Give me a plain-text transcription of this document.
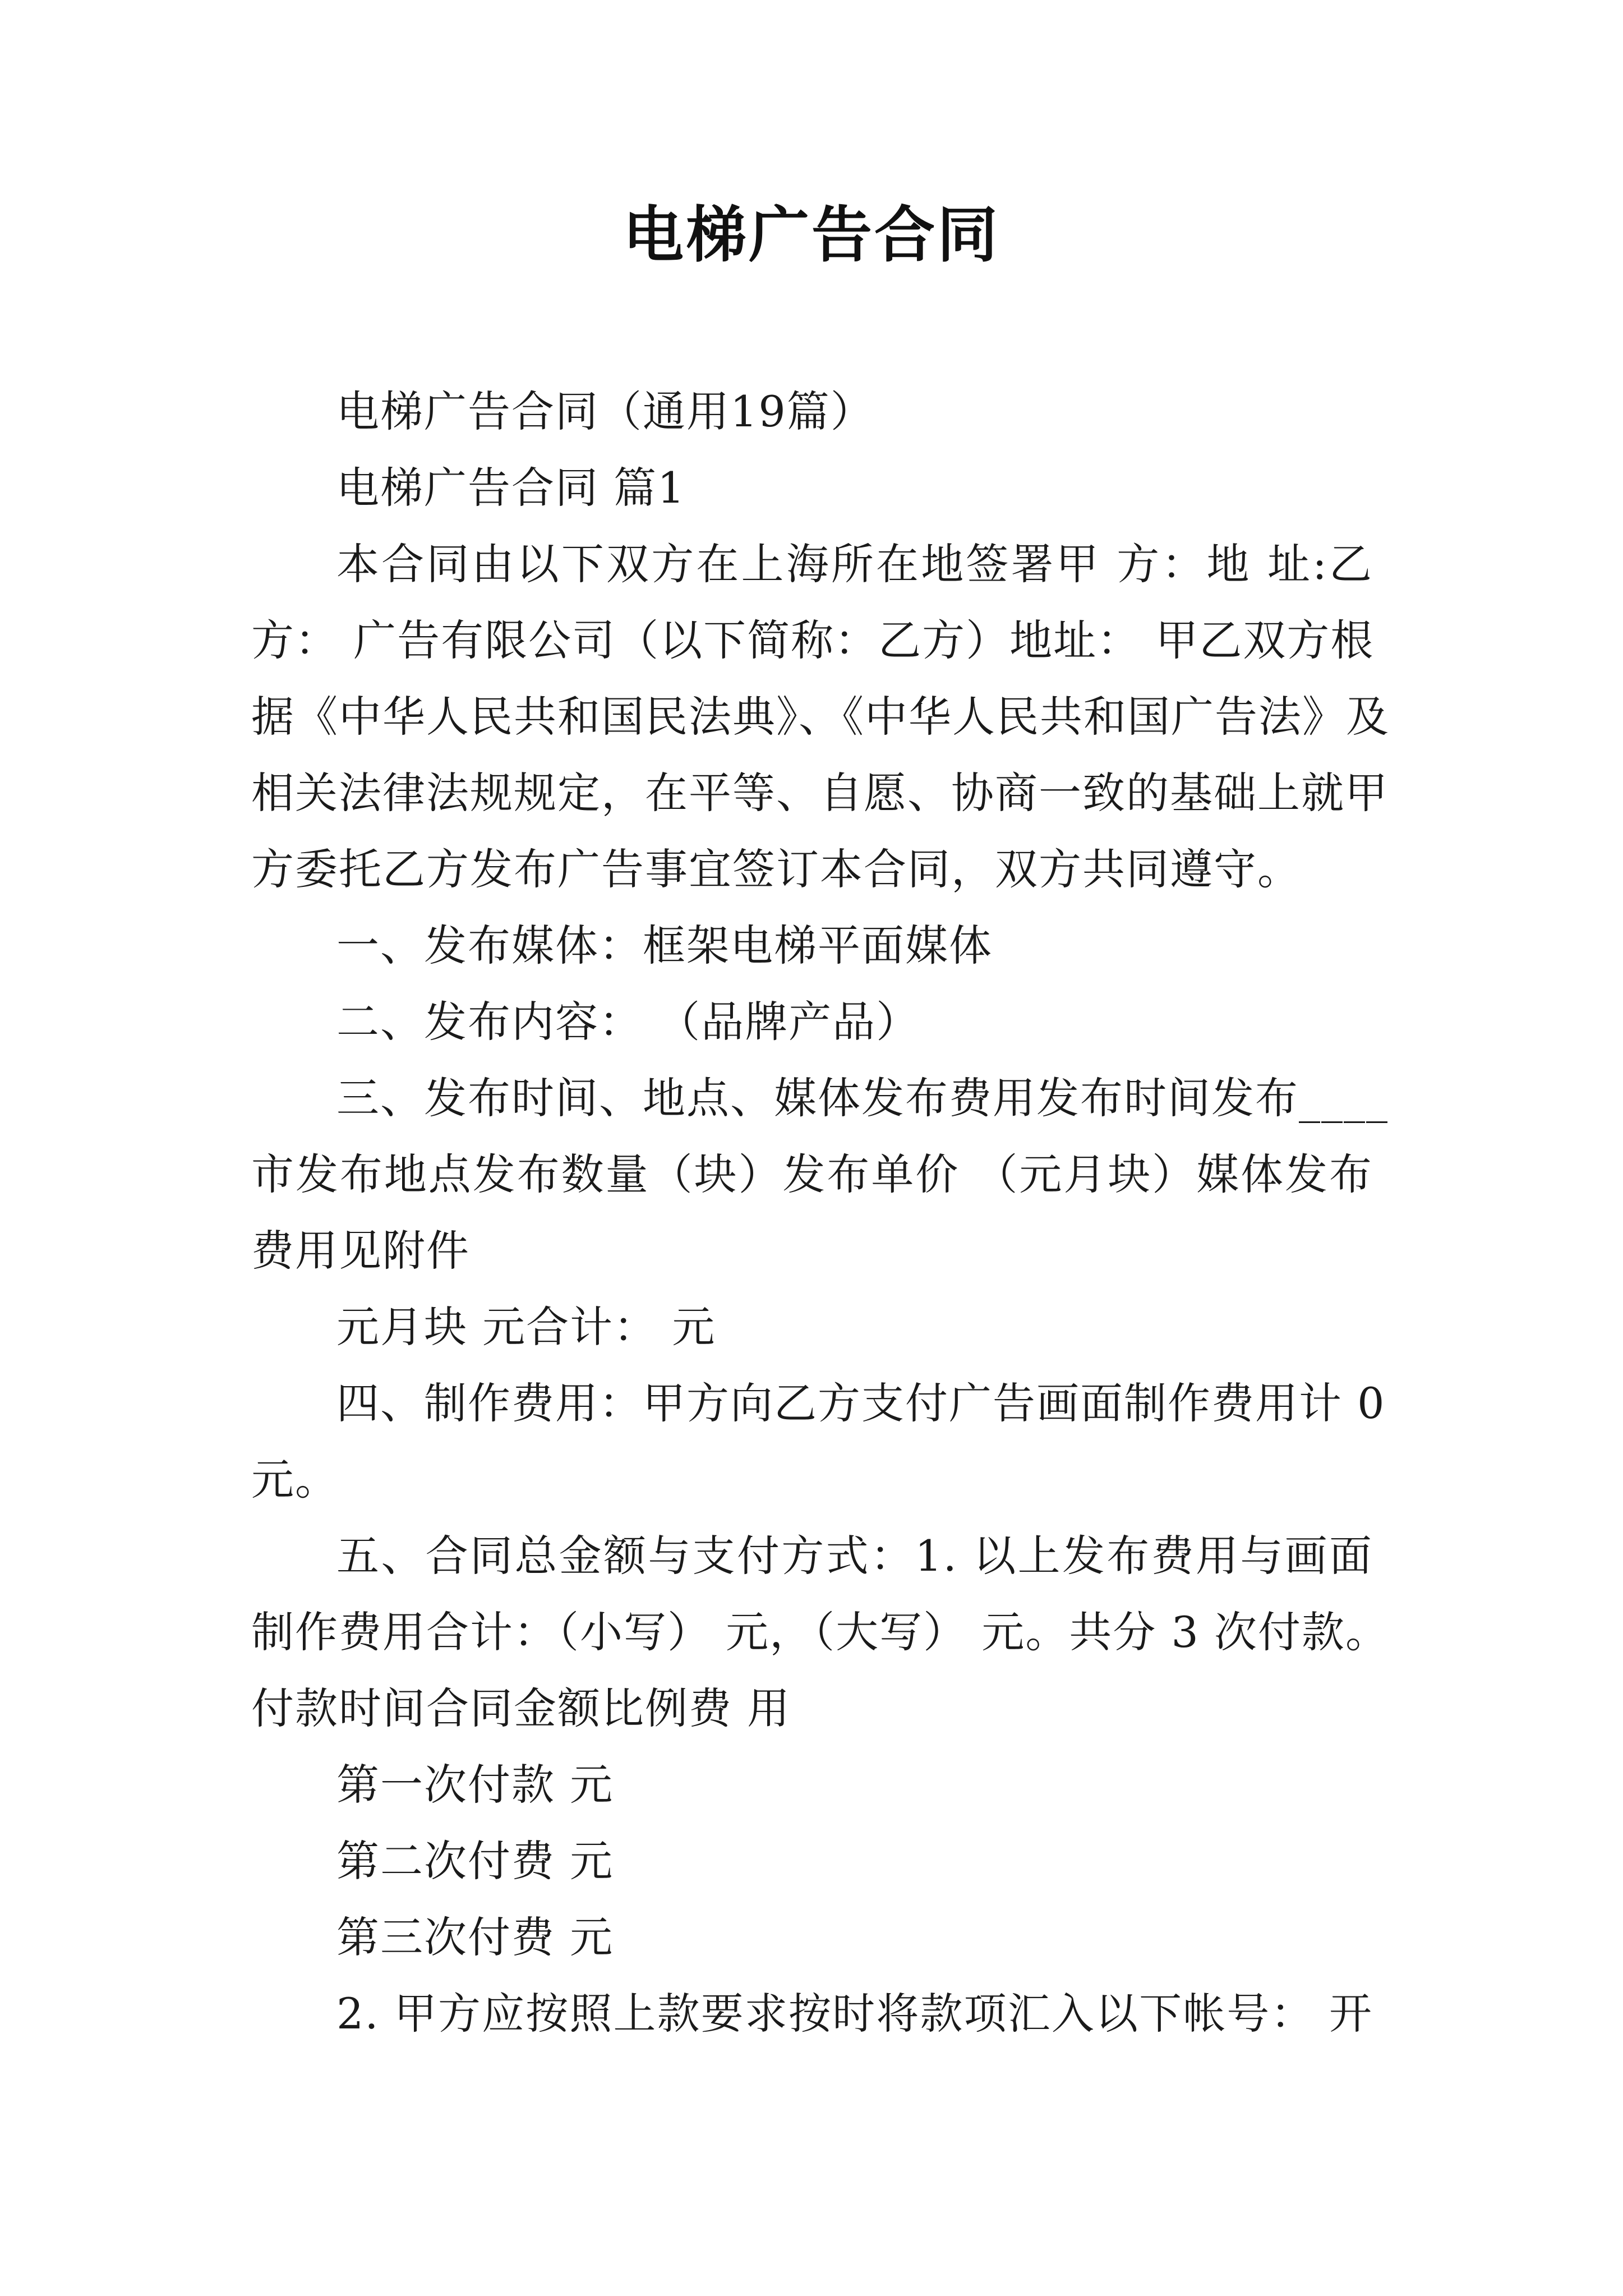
电梯广告合同
电梯广告合同（通用19篇）
电梯广告合同 篇1
本合同由以下双方在上海所在地签署甲 方：地 址:乙
方： 广告有限公司（以下简称：乙方）地址： 甲乙双方根
据《中华人民共和国民法典》、《中华人民共和国广告法》及
相关法律法规规定，在平等、自愿、协商一致的基础上就甲
方委托乙方发布广告事宜签订本合同，双方共同遵守。
一、发布媒体：框架电梯平面媒体
二、发布内容： （品牌产品）
三、发布时间、地点、媒体发布费用发布时间发布____
市发布地点发布数量（块）发布单价 （元月块）媒体发布
费用见附件
元月块 元合计： 元
四、制作费用：甲方向乙方支付广告画面制作费用计 0
元。
五、合同总金额与支付方式：1. 以上发布费用与画面
制作费用合计：（小写） 元，（大写） 元。共分 3 次付款。
付款时间合同金额比例费 用
第一次付款 元
第二次付费 元
第三次付费 元
2. 甲方应按照上款要求按时将款项汇入以下帐号： 开
